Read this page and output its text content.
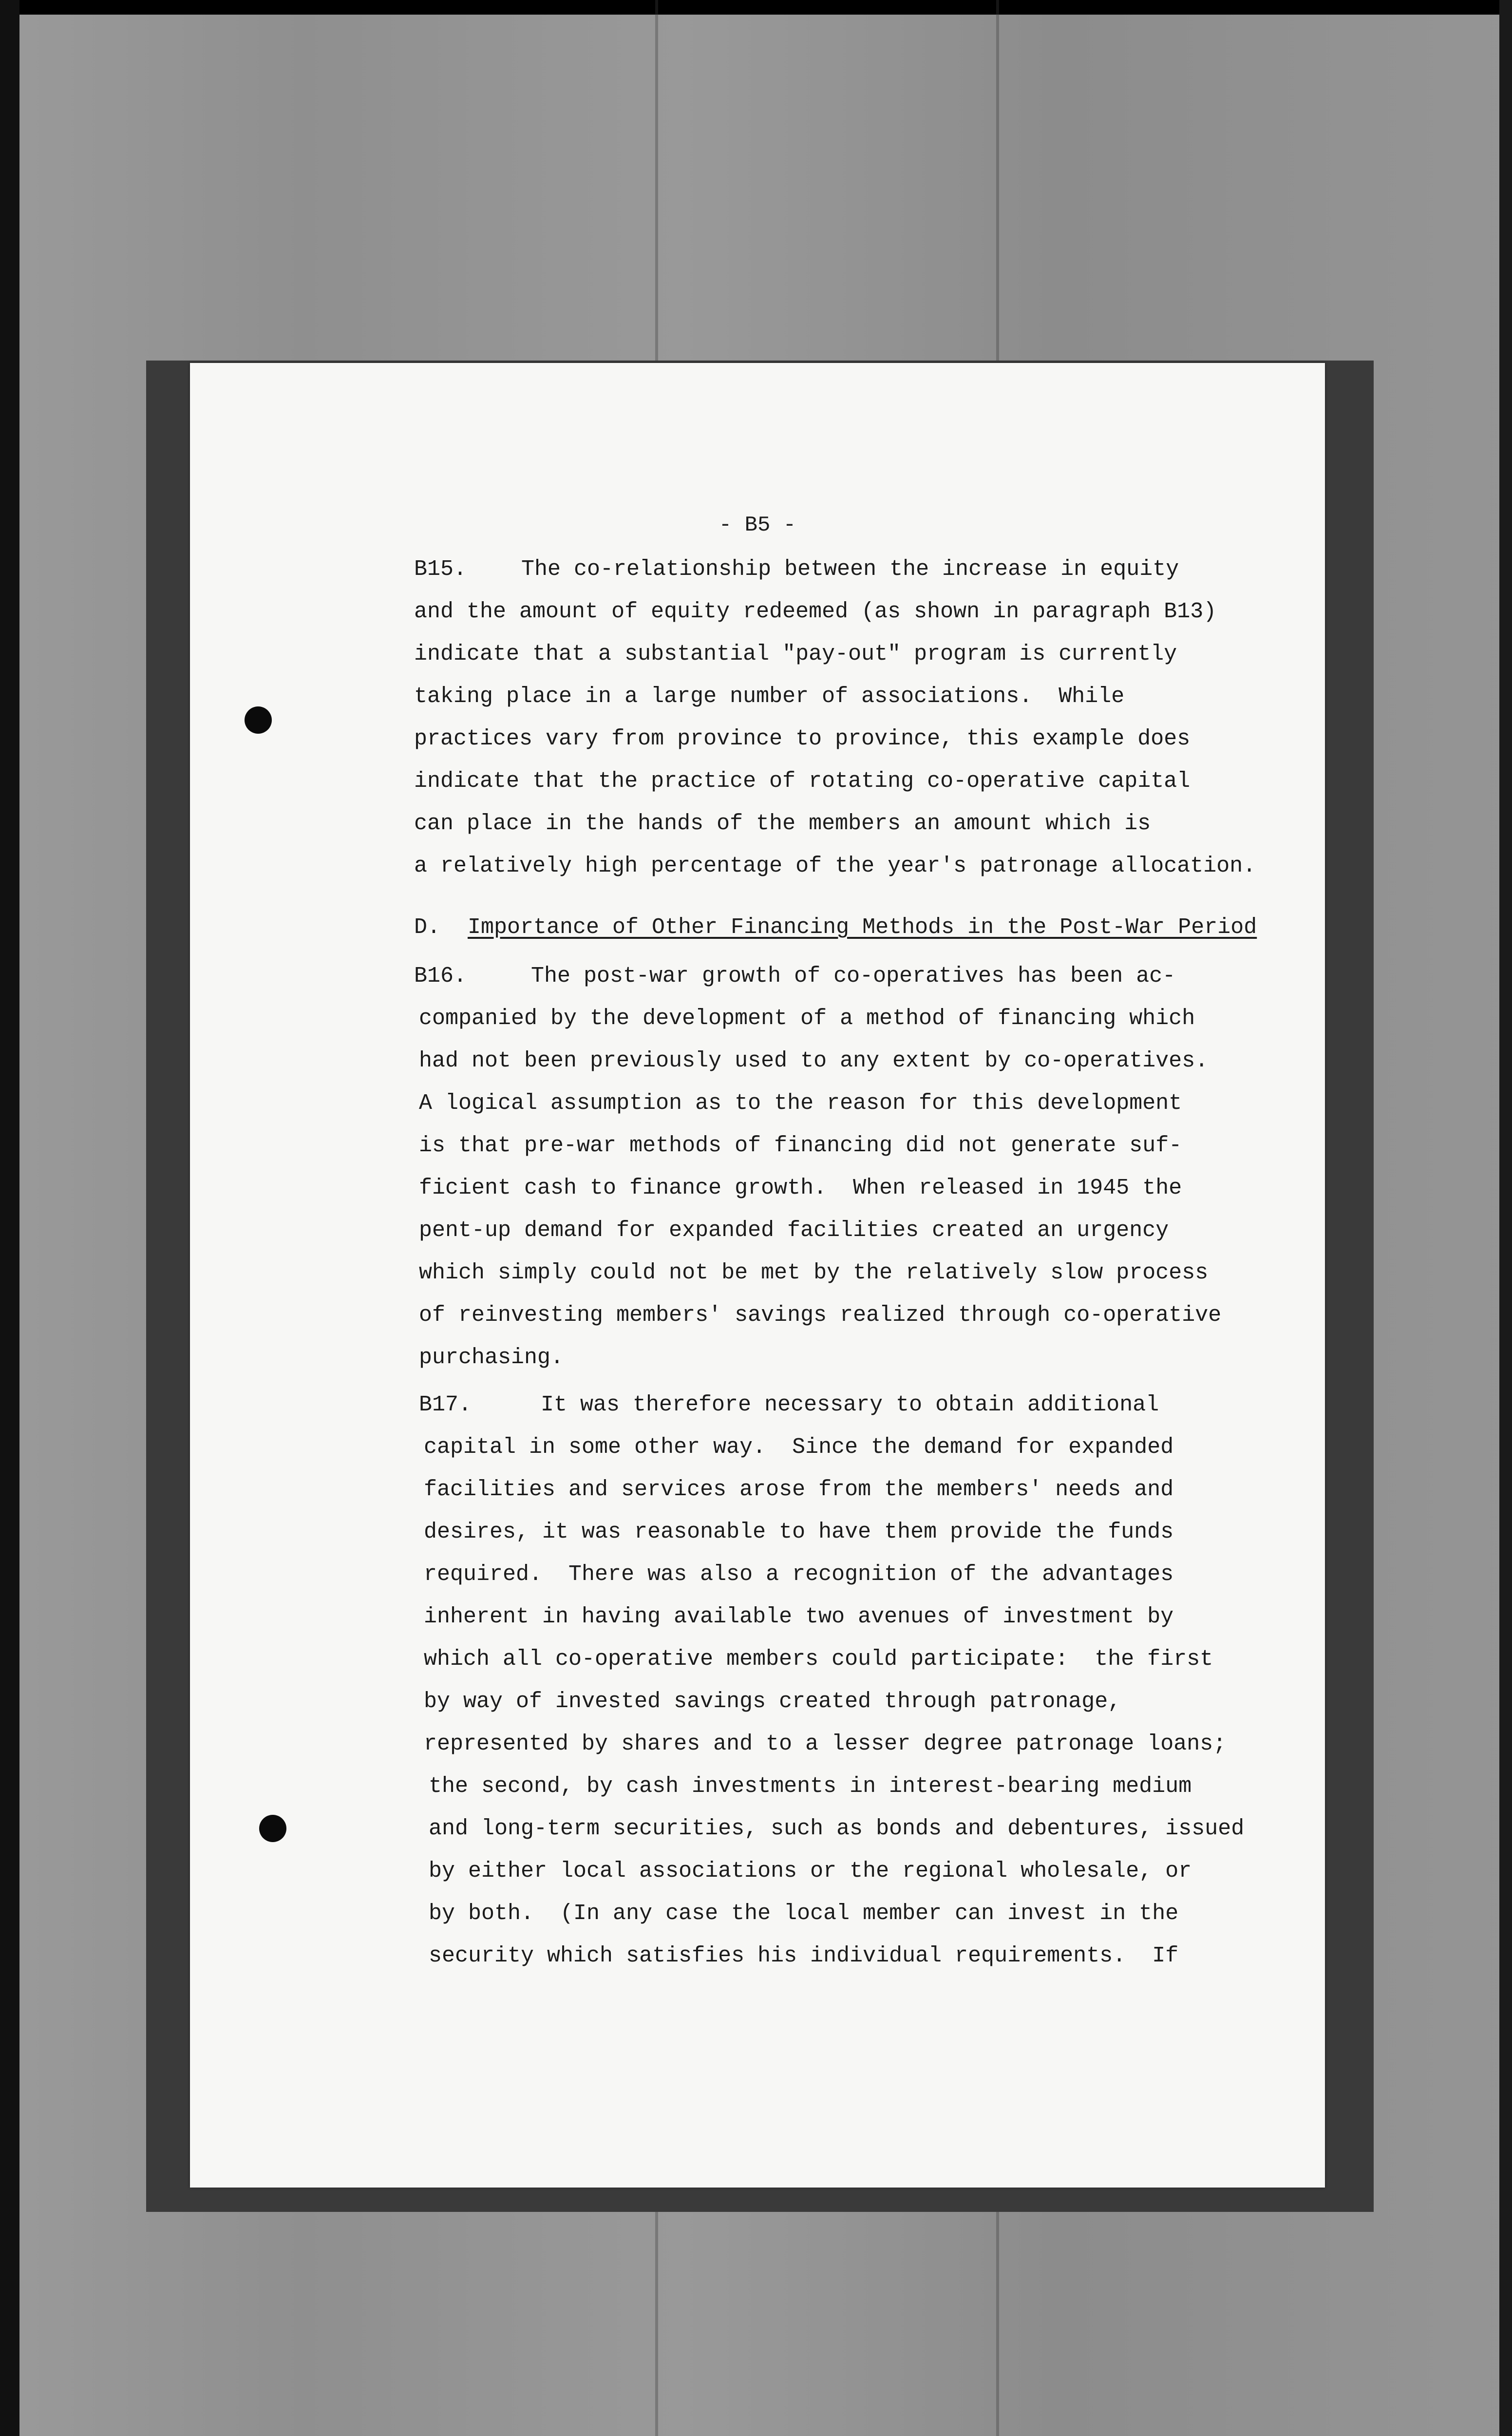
- B5 -
B15. The co-relationship between the increase in equity
and the amount of equity redeemed (as shown in paragraph B13)
indicate that a substantial "pay-out" program is currently
taking place in a large number of associations.  While
practices vary from province to province, this example does
indicate that the practice of rotating co-operative capital
can place in the hands of the members an amount which is
a relatively high percentage of the year's patronage allocation.
D. Importance of Other Financing Methods in the Post-War Period
B16.	The post-war growth of co-operatives has been ac-
companied by the development of a method of financing which
had not been previously used to any extent by co-operatives.
A logical assumption as to the reason for this development
is that pre-war methods of financing did not generate suf-
ficient cash to finance growth.  When released in 1945 the
pent-up demand for expanded facilities created an urgency
which simply could not be met by the relatively slow process
of reinvesting members' savings realized through co-operative
purchasing.
B17.	It was therefore necessary to obtain additional
capital in some other way.  Since the demand for expanded
facilities and services arose from the members' needs and
desires, it was reasonable to have them provide the funds
required.  There was also a recognition of the advantages
inherent in having available two avenues of investment by
which all co-operative members could participate:  the first
by way of invested savings created through patronage,
represented by shares and to a lesser degree patronage loans;
the second, by cash investments in interest-bearing medium
and long-term securities, such as bonds and debentures, issued
by either local associations or the regional wholesale, or
by both.  (In any case the local member can invest in the
security which satisfies his individual requirements.  If
